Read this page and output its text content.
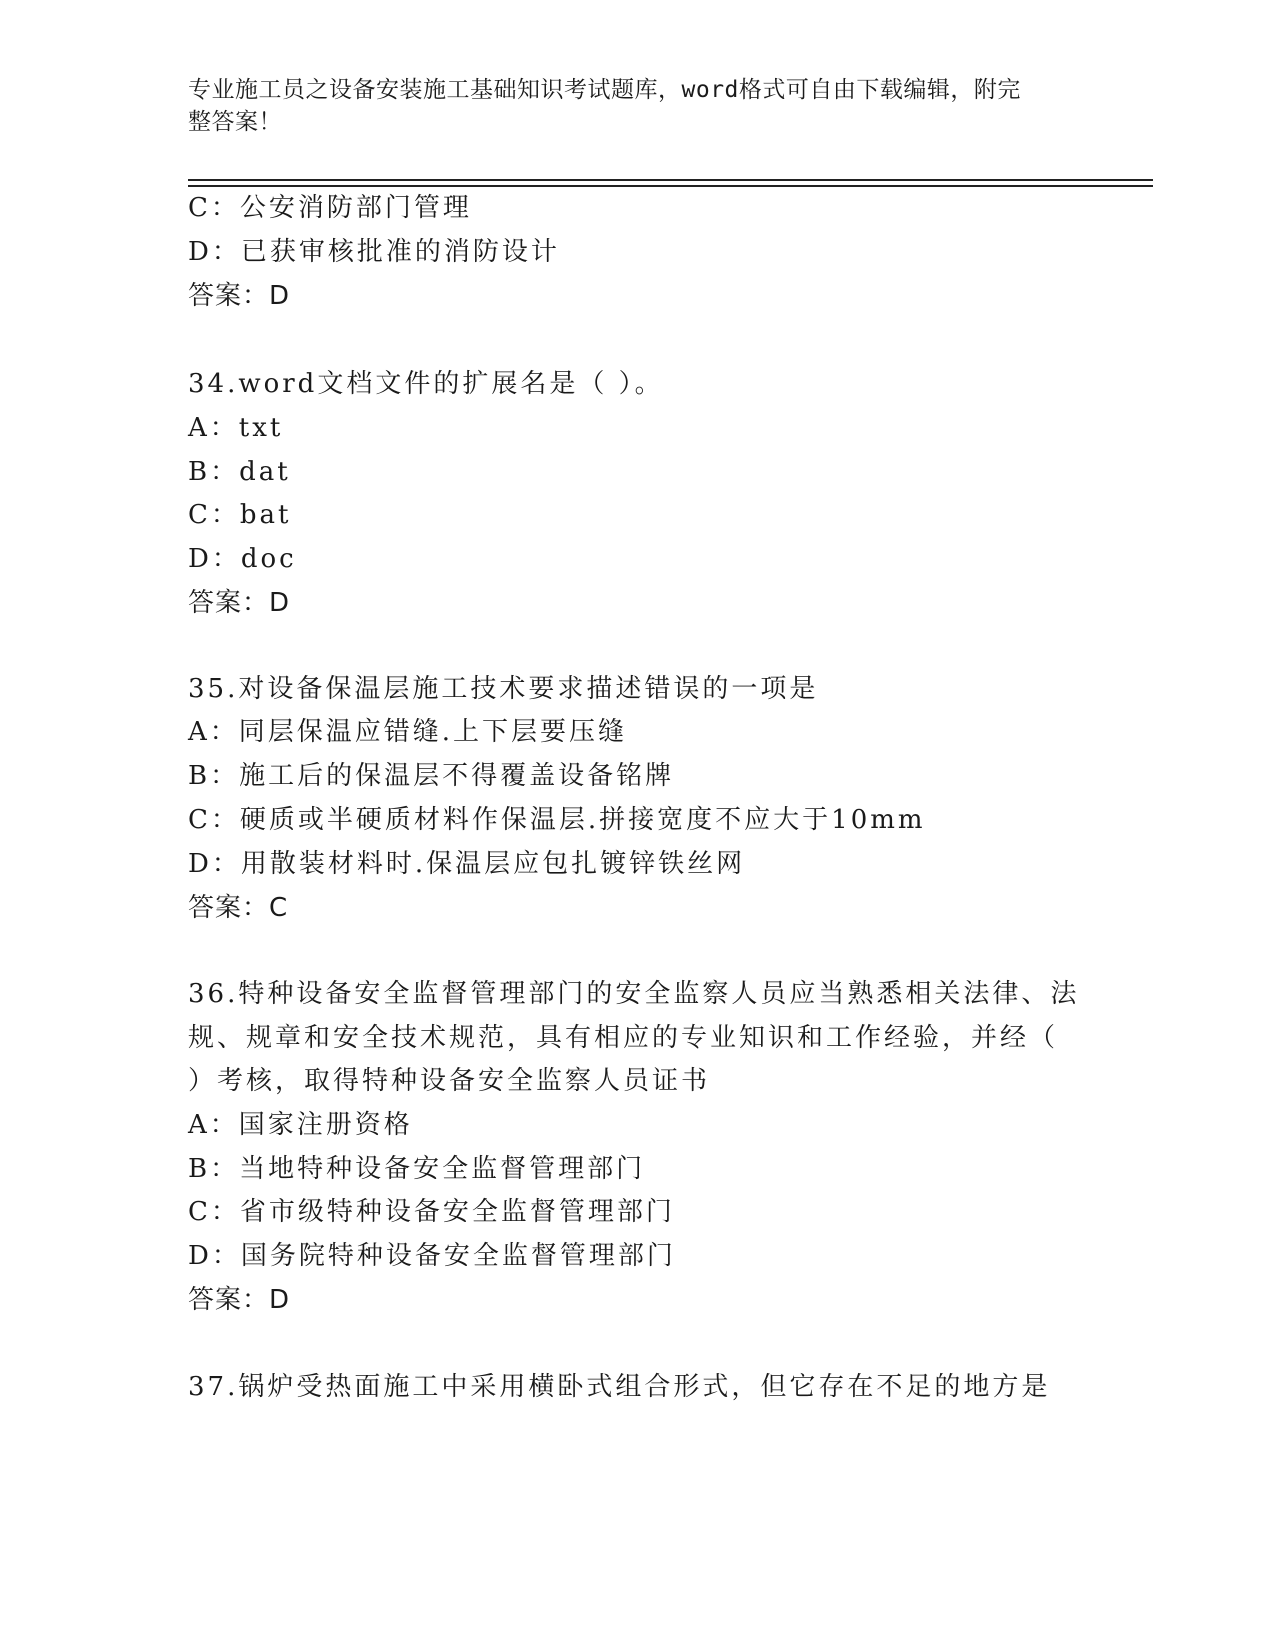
专业施工员之设备安装施工基础知识考试题库，word格式可自由下载编辑，附完
整答案！
C：公安消防部门管理
D：已获审核批准的消防设计
答案：D
34.word文档文件的扩展名是（ ）。
A：txt
B：dat
C：bat
D：doc
答案：D
35.对设备保温层施工技术要求描述错误的一项是
A：同层保温应错缝.上下层要压缝
B：施工后的保温层不得覆盖设备铭牌
C：硬质或半硬质材料作保温层.拼接宽度不应大于10mm
D：用散装材料时.保温层应包扎镀锌铁丝网
答案：C
36.特种设备安全监督管理部门的安全监察人员应当熟悉相关法律、法
规、规章和安全技术规范，具有相应的专业知识和工作经验，并经（
）考核，取得特种设备安全监察人员证书
A：国家注册资格
B：当地特种设备安全监督管理部门
C：省市级特种设备安全监督管理部门
D：国务院特种设备安全监督管理部门
答案：D
37.锅炉受热面施工中采用横卧式组合形式，但它存在不足的地方是
